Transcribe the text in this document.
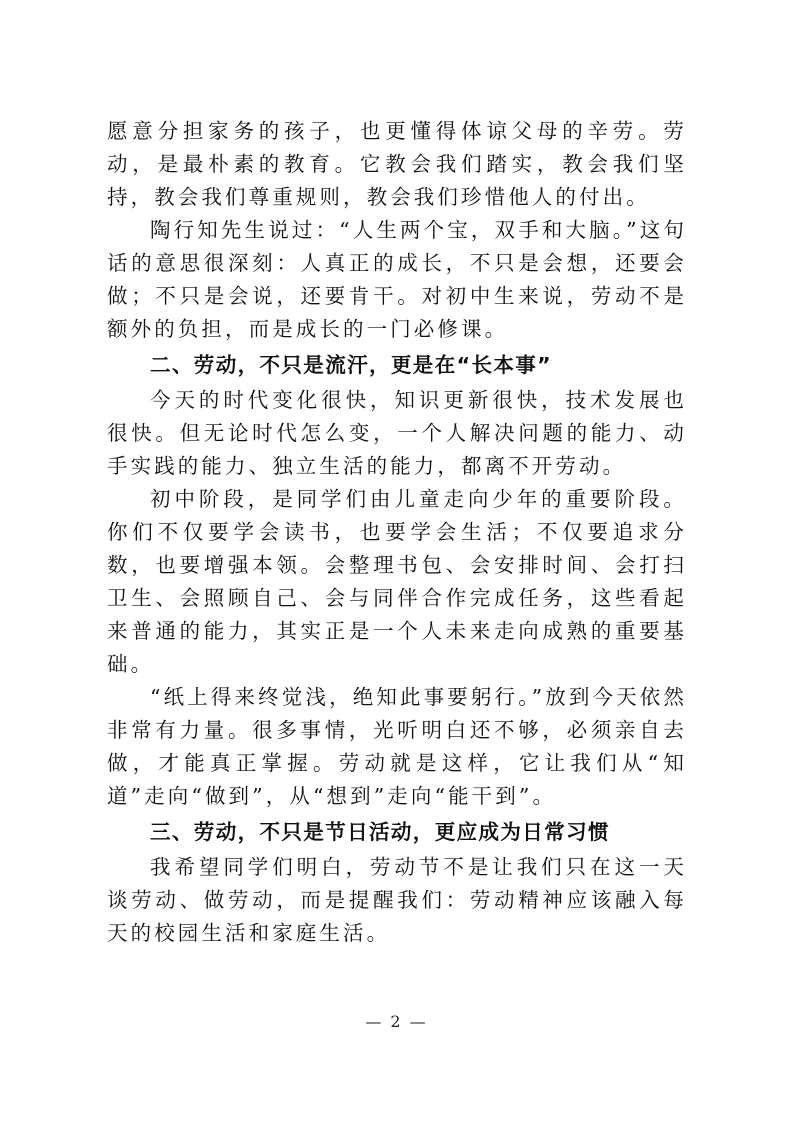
愿意分担家务的孩子，也更懂得体谅父母的辛劳。劳动，是最朴素的教育。它教会我们踏实，教会我们坚持，教会我们尊重规则，教会我们珍惜他人的付出。

陶行知先生说过：“人生两个宝，双手和大脑。”这句话的意思很深刻：人真正的成长，不只是会想，还要会做；不只是会说，还要肯干。对初中生来说，劳动不是额外的负担，而是成长的一门必修课。

二、劳动，不只是流汗，更是在“长本事”

今天的时代变化很快，知识更新很快，技术发展也很快。但无论时代怎么变，一个人解决问题的能力、动手实践的能力、独立生活的能力，都离不开劳动。

初中阶段，是同学们由儿童走向少年的重要阶段。你们不仅要学会读书，也要学会生活；不仅要追求分数，也要增强本领。会整理书包、会安排时间、会打扫卫生、会照顾自己、会与同伴合作完成任务，这些看起来普通的能力，其实正是一个人未来走向成熟的重要基础。

“纸上得来终觉浅，绝知此事要躬行。”放到今天依然非常有力量。很多事情，光听明白还不够，必须亲自去做，才能真正掌握。劳动就是这样，它让我们从“知道”走向“做到”，从“想到”走向“能干到”。

三、劳动，不只是节日活动，更应成为日常习惯

我希望同学们明白，劳动节不是让我们只在这一天谈劳动、做劳动，而是提醒我们：劳动精神应该融入每天的校园生活和家庭生活。

— 2 —
